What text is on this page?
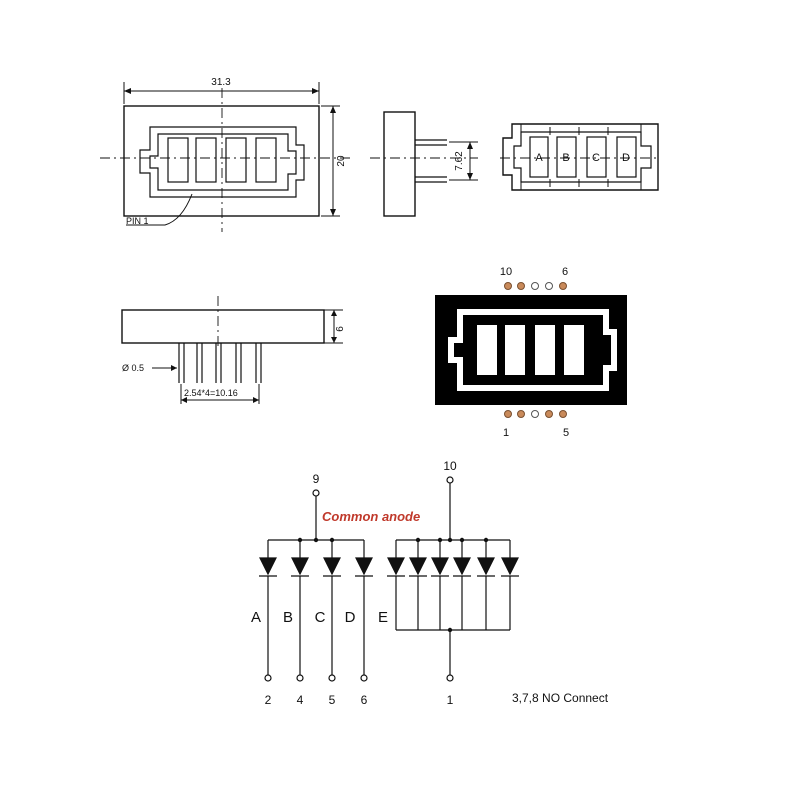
31.3
20
PIN 1
7.62	A B C D
6
Ø 0.5
2.54*4=10.16
10	6
1	5
9
10
Common anode
A B C D E
2 4 5 6	1	3,7,8 NO Connect
